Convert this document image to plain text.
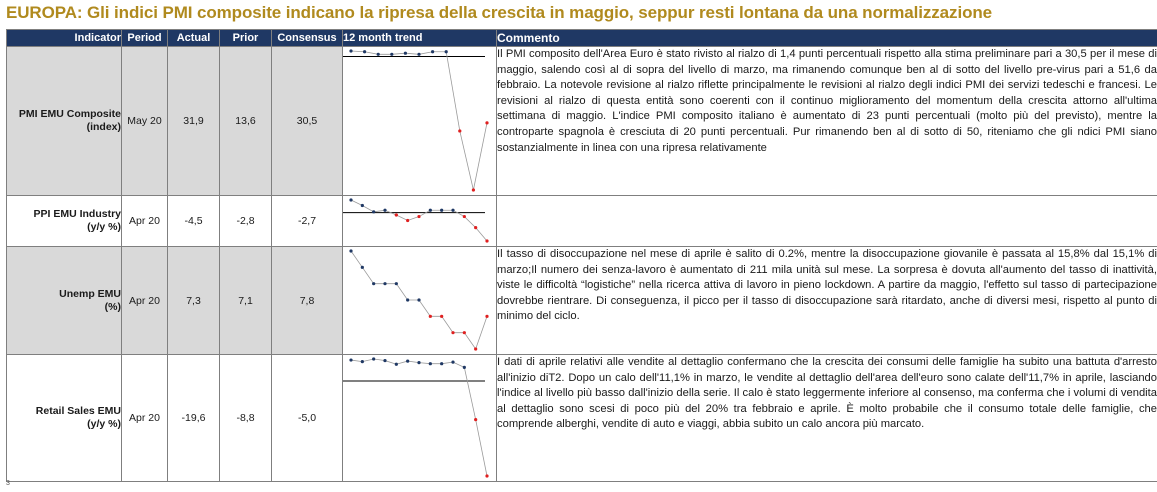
EUROPA: Gli indici PMI composite indicano la ripresa della crescita in maggio, seppur resti lontana da una normalizzazione
Indicator	Period	Actual	Prior	Consensus	12 month trend	Commento
PMI EMU Composite
(index)	May 20	31,9	13,6	30,5		Il PMI composito dell'Area Euro è stato rivisto al rialzo di 1,4 punti percentuali rispetto alla stima preliminare pari a 30,5 per il mese di maggio, salendo così al di sopra del livello di marzo, ma rimanendo comunque ben al di sotto del livello pre-virus pari a 51,6 da febbraio. La notevole revisione al rialzo riflette principalmente le revisioni al rialzo degli indici PMI dei servizi tedeschi e francesi. Le revisioni al rialzo di questa entità sono coerenti con il continuo miglioramento del momentum della crescita attorno all'ultima settimana di maggio. L'indice PMI composito italiano è aumentato di 23 punti percentuali (molto più del previsto), mentre la controparte spagnola è cresciuta di 20 punti percentuali. Pur rimanendo ben al di sotto di 50, riteniamo che gli ndici PMI siano sostanzialmente in linea con una ripresa relativamente
PPI EMU Industry
(y/y %)	Apr 20	-4,5	-2,8	-2,7	

Unemp EMU
(%)	Apr 20	7,3	7,1	7,8		Il tasso di disoccupazione nel mese di aprile è salito di 0.2%, mentre la disoccupazione giovanile è passata al 15,8% dal 15,1% di marzo;Il numero dei senza-lavoro è aumentato di 211 mila unità sul mese. La sorpresa è dovuta all'aumento del tasso di inattività, viste le difficoltà “logistiche” nella ricerca attiva di lavoro in pieno lockdown. A partire da maggio, l'effetto sul tasso di partecipazione dovrebbe rientrare. Di conseguenza, il picco per il tasso di disoccupazione sarà ritardato, anche di diversi mesi, rispetto al punto di minimo del ciclo.
Retail Sales EMU
(y/y %)	Apr 20	-19,6	-8,8	-5,0		I dati di aprile relativi alle vendite al dettaglio confermano che la crescita dei consumi delle famiglie ha subito una battuta d'arresto all'inizio diT2. Dopo un calo dell'11,1% in marzo, le vendite al dettaglio dell'area dell'euro sono calate dell'11,7% in aprile, lasciando l'indice al livello più basso dall'inizio della serie. Il calo è stato leggermente inferiore al consenso, ma conferma che i volumi di vendita al dettaglio sono scesi di poco più del 20% tra febbraio e aprile. È molto probabile che il consumo totale delle famiglie, che comprende alberghi, vendite di auto e viaggi, abbia subito un calo ancora più marcato.
3
